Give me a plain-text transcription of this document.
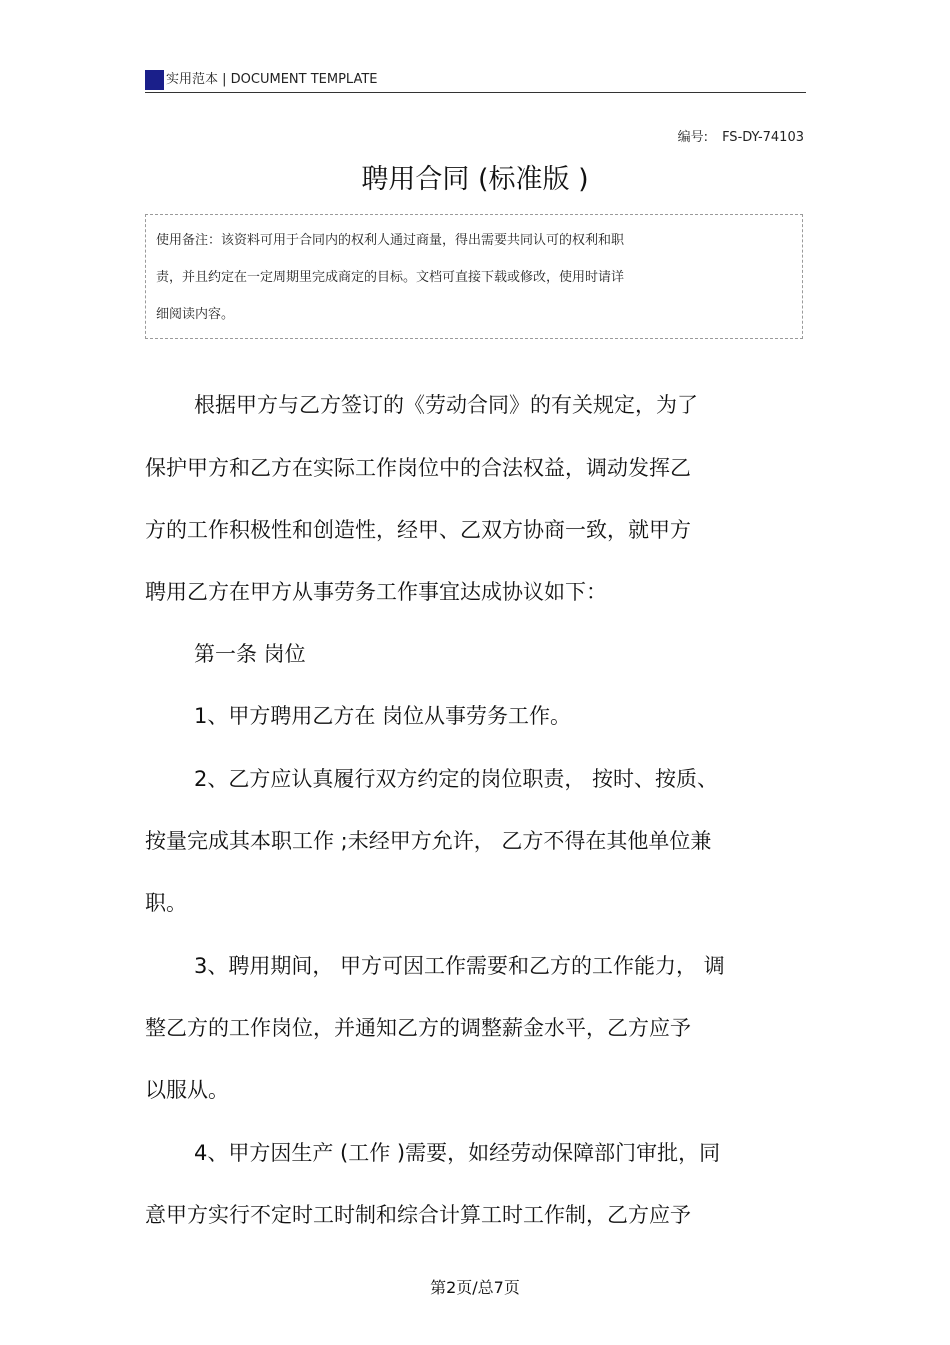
实用范本 | DOCUMENT TEMPLATE
编号: FS-DY-74103
聘用合同 (标准版 )
使用备注：该资料可用于合同内的权利人通过商量，得出需要共同认可的权利和职
责，并且约定在一定周期里完成商定的目标。文档可直接下载或修改，使用时请详
细阅读内容。
根据甲方与乙方签订的《劳动合同》的有关规定，为了
保护甲方和乙方在实际工作岗位中的合法权益，调动发挥乙
方的工作积极性和创造性，经甲、乙双方协商一致，就甲方
聘用乙方在甲方从事劳务工作事宜达成协议如下：
第一条 岗位
1、甲方聘用乙方在 岗位从事劳务工作。
2、乙方应认真履行双方约定的岗位职责， 按时、按质、
按量完成其本职工作 ;未经甲方允许， 乙方不得在其他单位兼
职。
3、聘用期间， 甲方可因工作需要和乙方的工作能力， 调
整乙方的工作岗位，并通知乙方的调整薪金水平，乙方应予
以服从。
4、甲方因生产 (工作 )需要，如经劳动保障部门审批，同
意甲方实行不定时工时制和综合计算工时工作制，乙方应予
第2页/总7页
